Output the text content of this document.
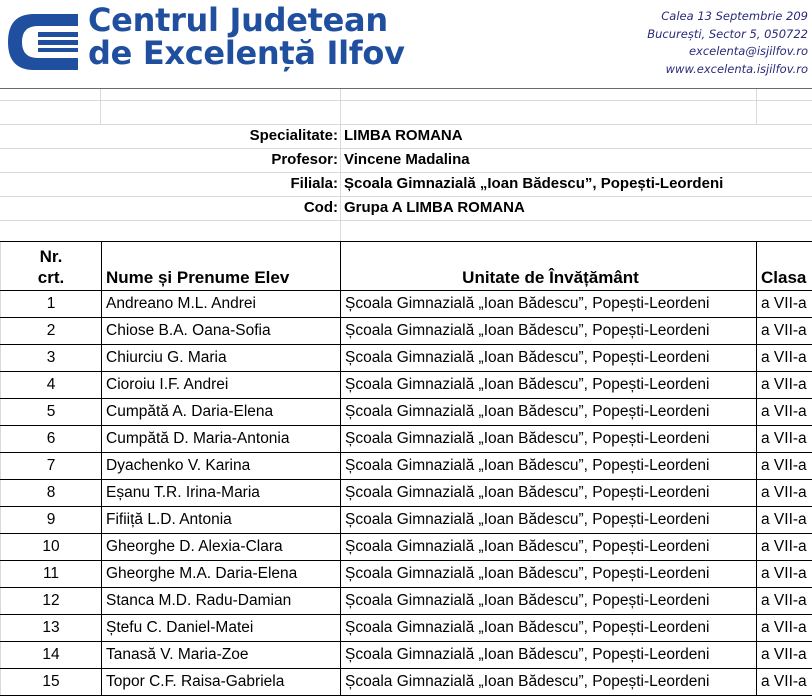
Centrul Judetean
de Excelență Ilfov
Calea 13 Septembrie 209
București, Sector 5, 050722
excelenta@isjilfov.ro
www.excelenta.isjilfov.ro
Specialitate: LIMBA ROMANA
Profesor: Vincene Madalina
Filiala: Școala Gimnazială „Ioan Bădescu”, Popești-Leordeni
Cod: Grupa A LIMBA ROMANA
Nr.
crt.	Nume și Prenume Elev	Unitate de Învățământ	Clasa
1	Andreano M.L. Andrei	Școala Gimnazială „Ioan Bădescu”, Popești-Leordeni	a VII-a
2	Chiose B.A. Oana-Sofia	Școala Gimnazială „Ioan Bădescu”, Popești-Leordeni	a VII-a
3	Chiurciu G. Maria	Școala Gimnazială „Ioan Bădescu”, Popești-Leordeni	a VII-a
4	Cioroiu I.F. Andrei	Școala Gimnazială „Ioan Bădescu”, Popești-Leordeni	a VII-a
5	Cumpătă A. Daria-Elena	Școala Gimnazială „Ioan Bădescu”, Popești-Leordeni	a VII-a
6	Cumpătă D. Maria-Antonia	Școala Gimnazială „Ioan Bădescu”, Popești-Leordeni	a VII-a
7	Dyachenko V. Karina	Școala Gimnazială „Ioan Bădescu”, Popești-Leordeni	a VII-a
8	Eșanu T.R. Irina-Maria	Școala Gimnazială „Ioan Bădescu”, Popești-Leordeni	a VII-a
9	Fifiiță L.D. Antonia	Școala Gimnazială „Ioan Bădescu”, Popești-Leordeni	a VII-a
10	Gheorghe D. Alexia-Clara	Școala Gimnazială „Ioan Bădescu”, Popești-Leordeni	a VII-a
11	Gheorghe M.A. Daria-Elena	Școala Gimnazială „Ioan Bădescu”, Popești-Leordeni	a VII-a
12	Stanca M.D. Radu-Damian	Școala Gimnazială „Ioan Bădescu”, Popești-Leordeni	a VII-a
13	Ștefu C. Daniel-Matei	Școala Gimnazială „Ioan Bădescu”, Popești-Leordeni	a VII-a
14	Tanasă V. Maria-Zoe	Școala Gimnazială „Ioan Bădescu”, Popești-Leordeni	a VII-a
15	Topor C.F. Raisa-Gabriela	Școala Gimnazială „Ioan Bădescu”, Popești-Leordeni	a VII-a
